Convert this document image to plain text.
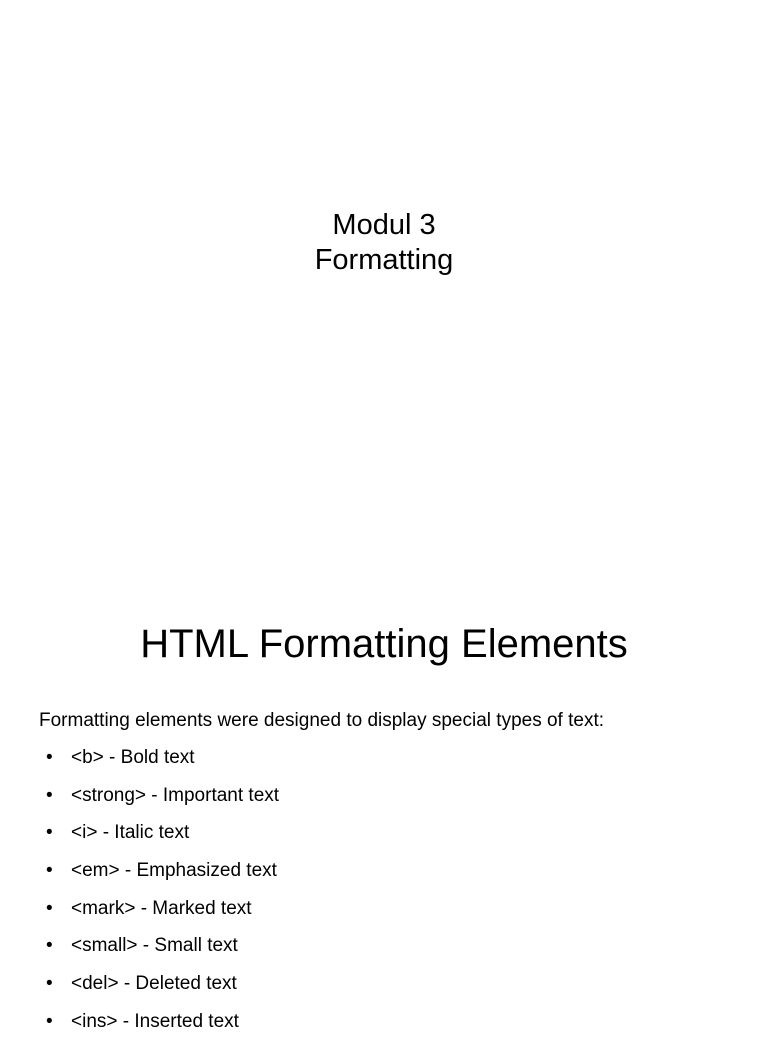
Modul 3
Formatting
HTML Formatting Elements

Formatting elements were designed to display special types of text:

• <b> - Bold text
• <strong> - Important text
• <i> - Italic text
• <em> - Emphasized text
• <mark> - Marked text
• <small> - Small text
• <del> - Deleted text
• <ins> - Inserted text
